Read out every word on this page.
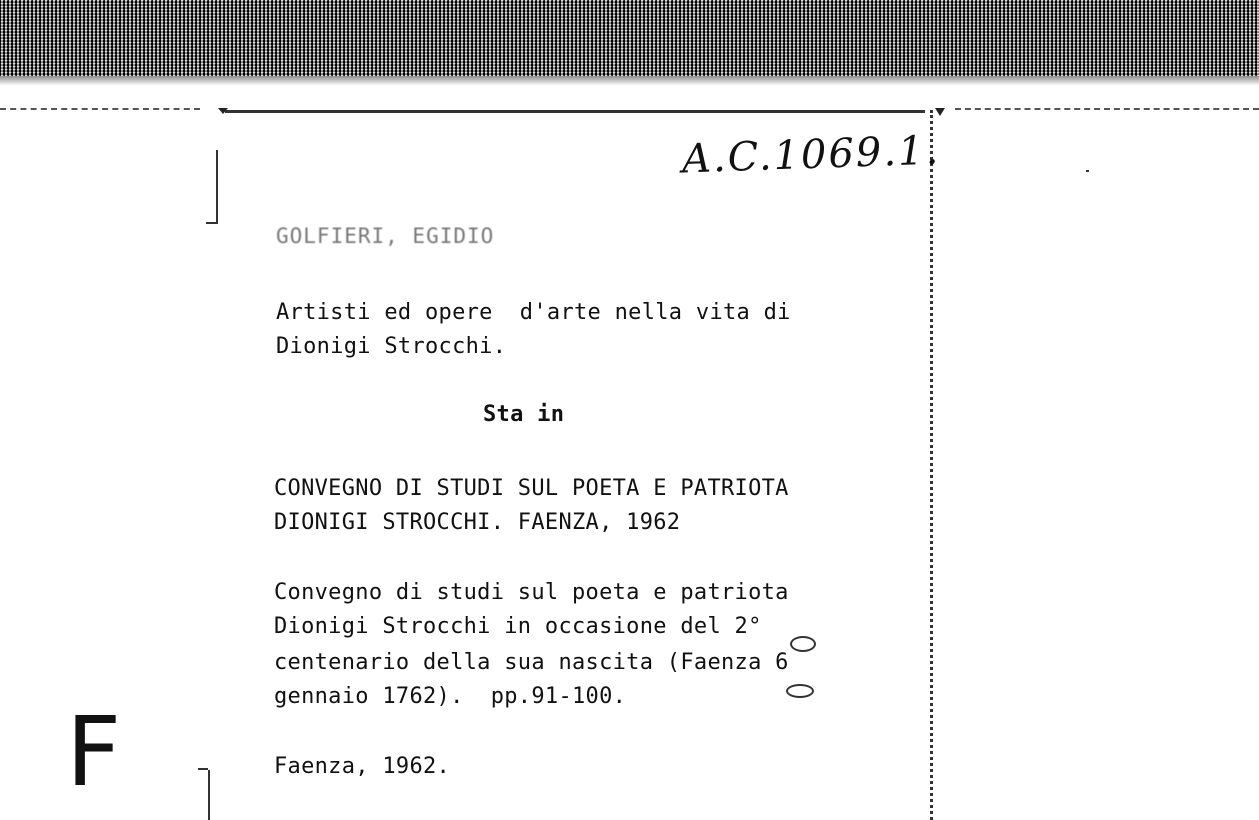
A.C.1069.1.
GOLFIERI, EGIDIO
Artisti ed opere  d'arte nella vita di
Dionigi Strocchi.
Sta in
CONVEGNO DI STUDI SUL POETA E PATRIOTA
DIONIGI STROCCHI. FAENZA, 1962
Convegno di studi sul poeta e patriota
Dionigi Strocchi in occasione del 2°
centenario della sua nascita (Faenza 6
gennaio 1762).  pp.91-100.
Faenza, 1962.
F
